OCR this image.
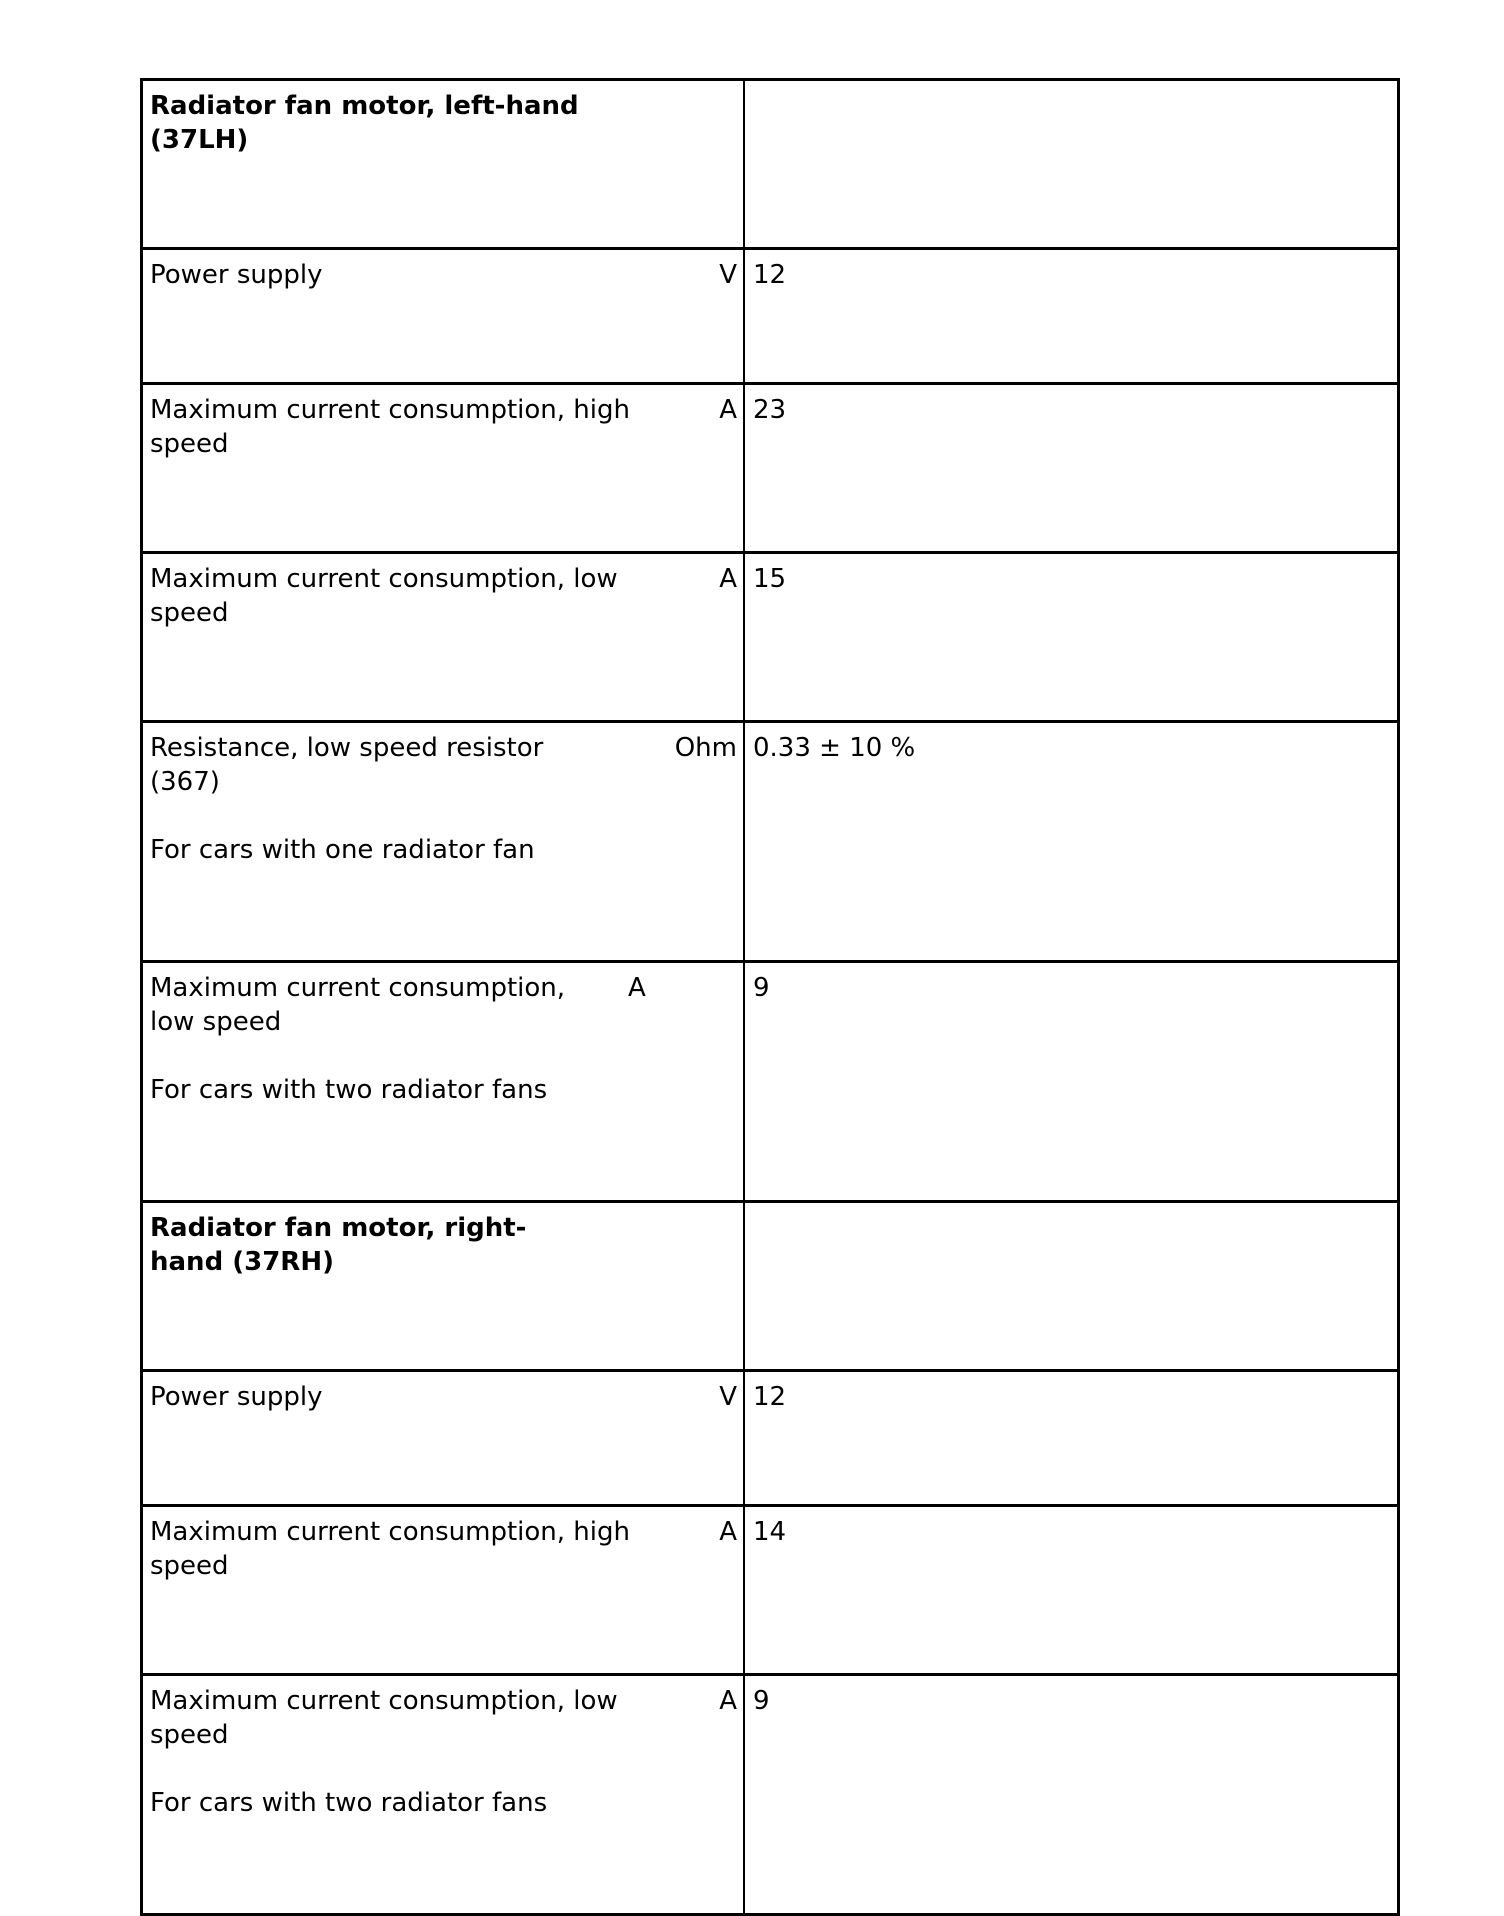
Radiator fan motor, left-hand (37LH)	

Power supply V	12

Maximum current consumption, high speed
A	23

Maximum current consumption, low speed
A	15

Resistance, low speed resistor (367)
For cars with one radiator fan
Ohm	0.33 ± 10 %

Maximum current consumption, low speed
For cars with two radiator fans
A	9

Radiator fan motor, right-hand (37RH)	

Power supply V	12

Maximum current consumption, high speed
A	14

Maximum current consumption, low speed
For cars with two radiator fans
A	9
